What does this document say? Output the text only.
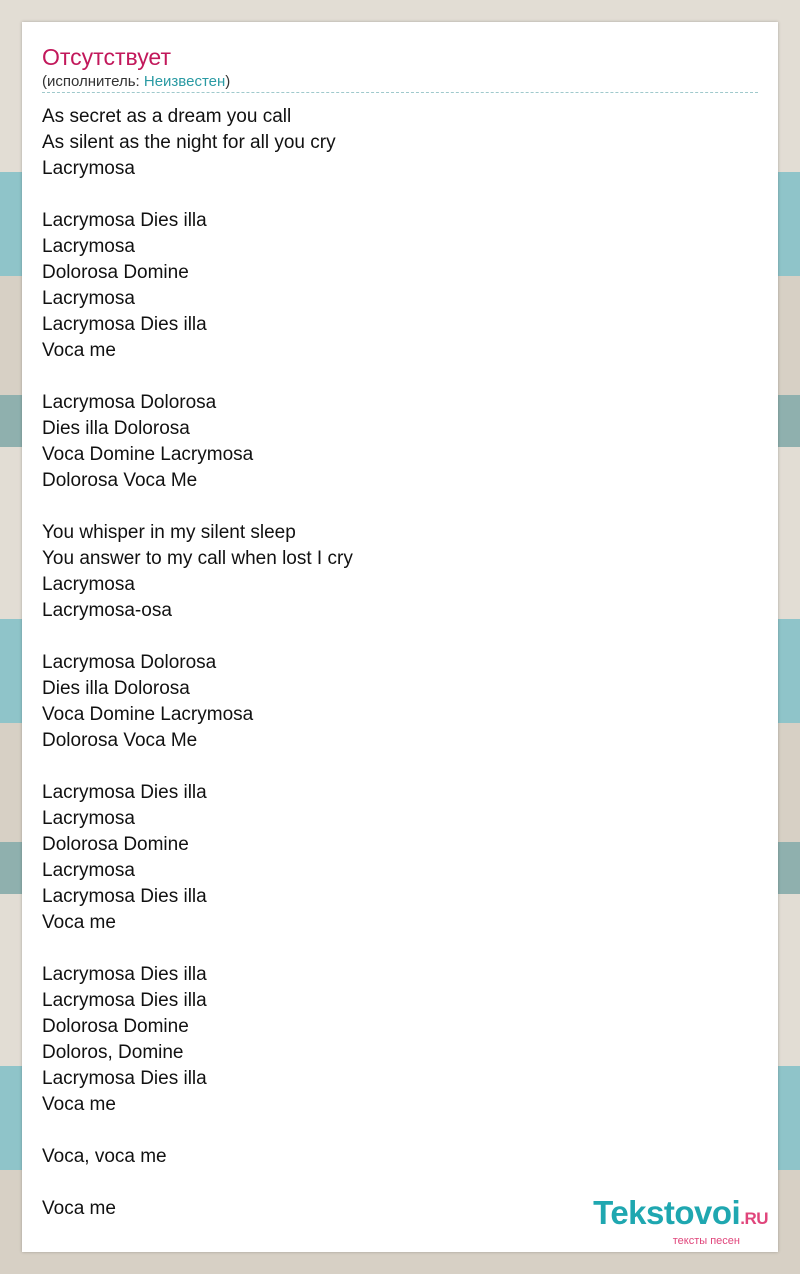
Отсутствует
(исполнитель: Неизвестен)
As secret as a dream you call
As silent as the night for all you cry
Lacrymosa
Lacrymosa Dies illa
Lacrymosa
Dolorosa Domine
Lacrymosa
Lacrymosa Dies illa
Voca me
Lacrymosa Dolorosa
Dies illa Dolorosa
Voca Domine Lacrymosa
Dolorosa Voca Me
You whisper in my silent sleep
You answer to my call when lost I cry
Lacrymosa
Lacrymosa-osa
Lacrymosa Dolorosa
Dies illa Dolorosa
Voca Domine Lacrymosa
Dolorosa Voca Me
Lacrymosa Dies illa
Lacrymosa
Dolorosa Domine
Lacrymosa
Lacrymosa Dies illa
Voca me
Lacrymosa Dies illa
Lacrymosa Dies illa
Dolorosa Domine
Doloros, Domine
Lacrymosa Dies illa
Voca me
Voca, voca me
Voca me	Tekstovoi.RU
тексты песен
